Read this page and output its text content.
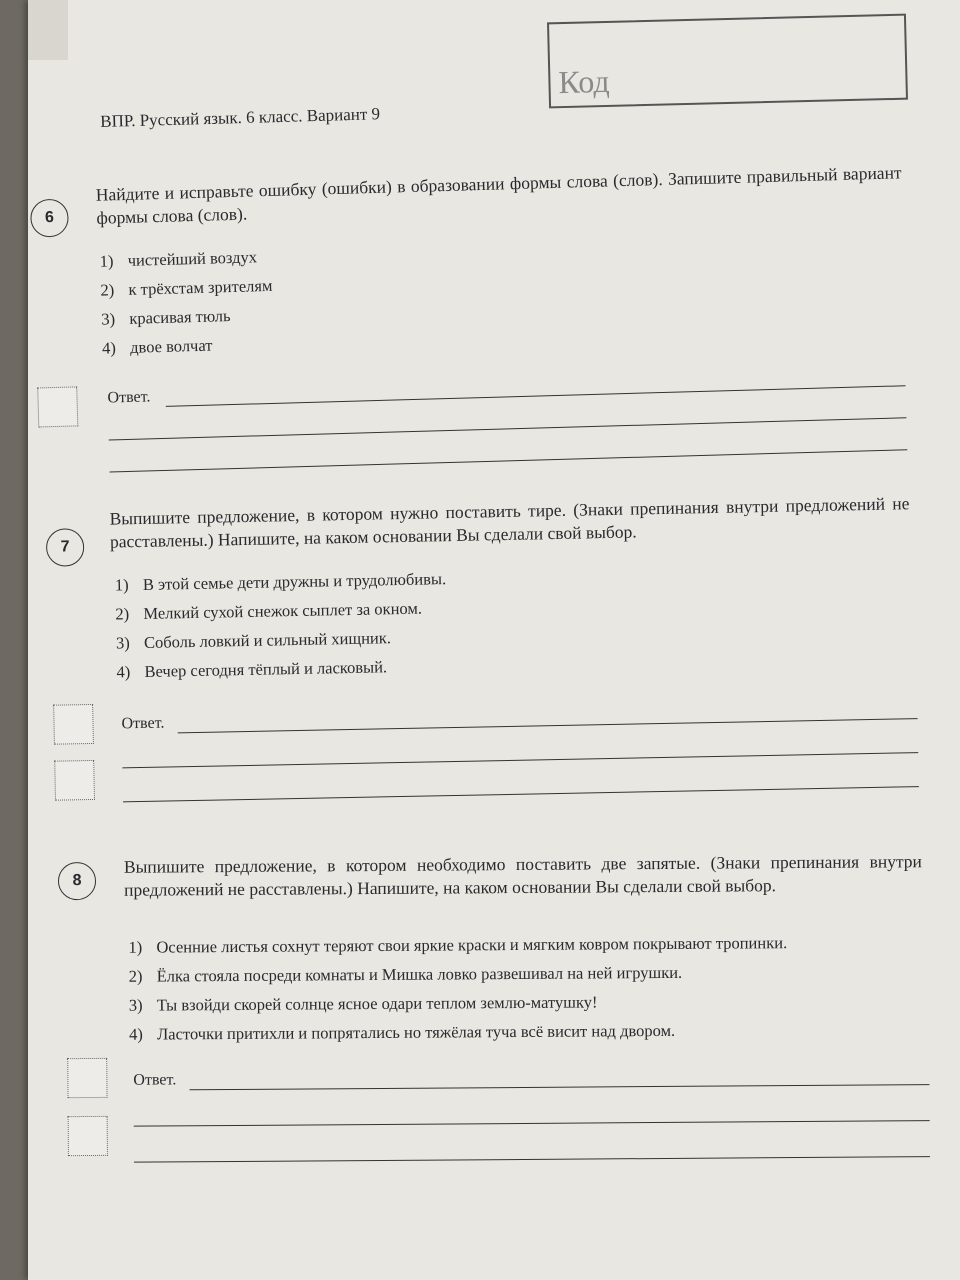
Код
ВПР. Русский язык. 6 класс. Вариант 9
6
Найдите и исправьте ошибку (ошибки) в образовании формы слова (слов). Запишите правильный вариант формы слова (слов).
1) чистейший воздух
2) к трёхстам зрителям
3) красивая тюль
4) двое волчат
Ответ.
7
Выпишите предложение, в котором нужно поставить тире. (Знаки препинания внутри предложений не расставлены.) Напишите, на каком основании Вы сделали свой выбор.
1) В этой семье дети дружны и трудолюбивы.
2) Мелкий сухой снежок сыплет за окном.
3) Соболь ловкий и сильный хищник.
4) Вечер сегодня тёплый и ласковый.
Ответ.
8
Выпишите предложение, в котором необходимо поставить две запятые. (Знаки препинания внутри предложений не расставлены.) Напишите, на каком основании Вы сделали свой выбор.
1) Осенние листья сохнут теряют свои яркие краски и мягким ковром покрывают тропинки.
2) Ёлка стояла посреди комнаты и Мишка ловко развешивал на ней игрушки.
3) Ты взойди скорей солнце ясное одари теплом землю-матушку!
4) Ласточки притихли и попрятались но тяжёлая туча всё висит над двором.
Ответ.
